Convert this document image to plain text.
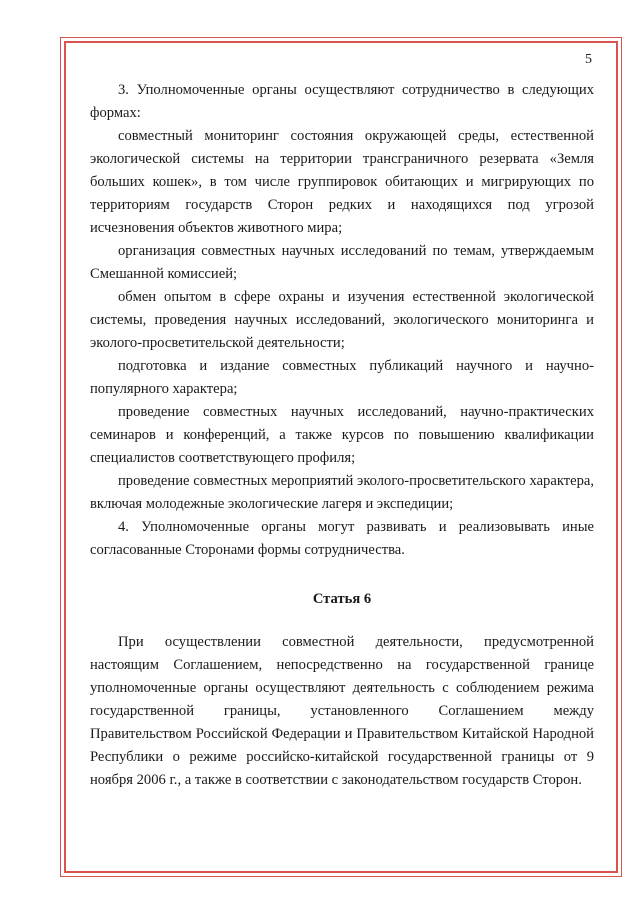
5

3. Уполномоченные органы осуществляют сотрудничество в следующих формах:

совместный мониторинг состояния окружающей среды, естественной экологической системы на территории трансграничного резервата «Земля больших кошек», в том числе группировок обитающих и мигрирующих по территориям государств Сторон редких и находящихся под угрозой исчезновения объектов животного мира;

организация совместных научных исследований по темам, утверждаемым Смешанной комиссией;

обмен опытом в сфере охраны и изучения естественной экологической системы, проведения научных исследований, экологического мониторинга и эколого-просветительской деятельности;

подготовка и издание совместных публикаций научного и научно-популярного характера;

проведение совместных научных исследований, научно-практических семинаров и конференций, а также курсов по повышению квалификации специалистов соответствующего профиля;

проведение совместных мероприятий эколого-просветительского характера, включая молодежные экологические лагеря и экспедиции;

4. Уполномоченные органы могут развивать и реализовывать иные согласованные Сторонами формы сотрудничества.

Статья 6

При осуществлении совместной деятельности, предусмотренной настоящим Соглашением, непосредственно на государственной границе уполномоченные органы осуществляют деятельность с соблюдением режима государственной границы, установленного Соглашением между Правительством Российской Федерации и Правительством Китайской Народной Республики о режиме российско-китайской государственной границы от 9 ноября 2006 г., а также в соответствии с законодательством государств Сторон.
